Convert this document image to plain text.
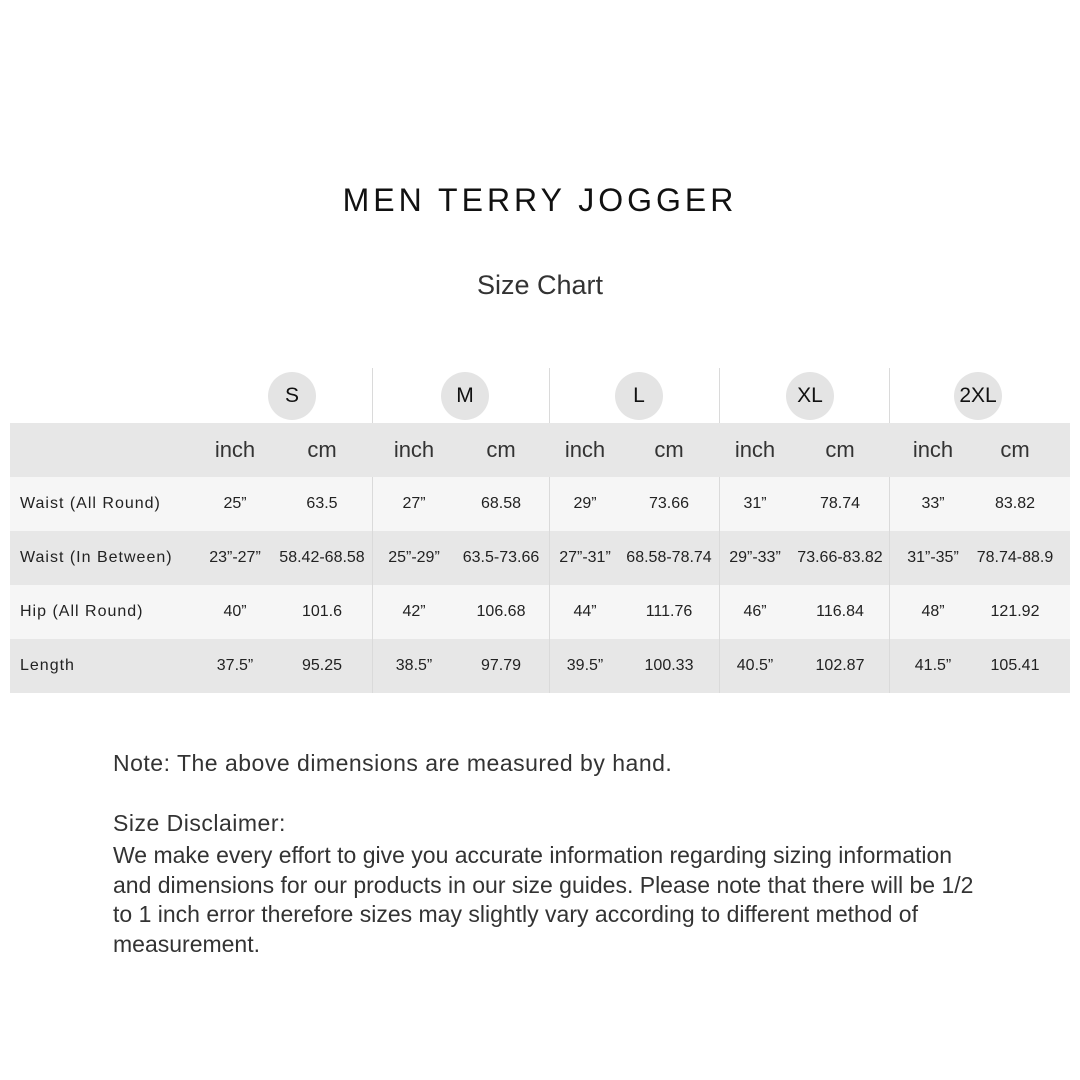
MEN TERRY JOGGER
Size Chart
S	M	L	XL	2XL
inch	cm	inch	cm	inch	cm	inch	cm	inch	cm
Waist (All Round)	25”	63.5	27”	68.58	29”	73.66	31”	78.74	33”	83.82
Waist (In Between)	23”-27”	58.42-68.58	25”-29”	63.5-73.66	27”-31” 68.58-78.74	29”-33”	73.66-83.82	31”-35”	78.74-88.9
Hip (All Round)	40”	101.6	42”	106.68	44”	111.76	46”	116.84	48”	121.92
Length	37.5”	95.25	38.5”	97.79	39.5”	100.33	40.5”	102.87	41.5”	105.41
Note: The above dimensions are measured by hand.
Size Disclaimer:
We make every effort to give you accurate information regarding sizing information and dimensions for our products in our size guides. Please note that there will be 1/2 to 1 inch error therefore sizes may slightly vary according to different method of measurement.
